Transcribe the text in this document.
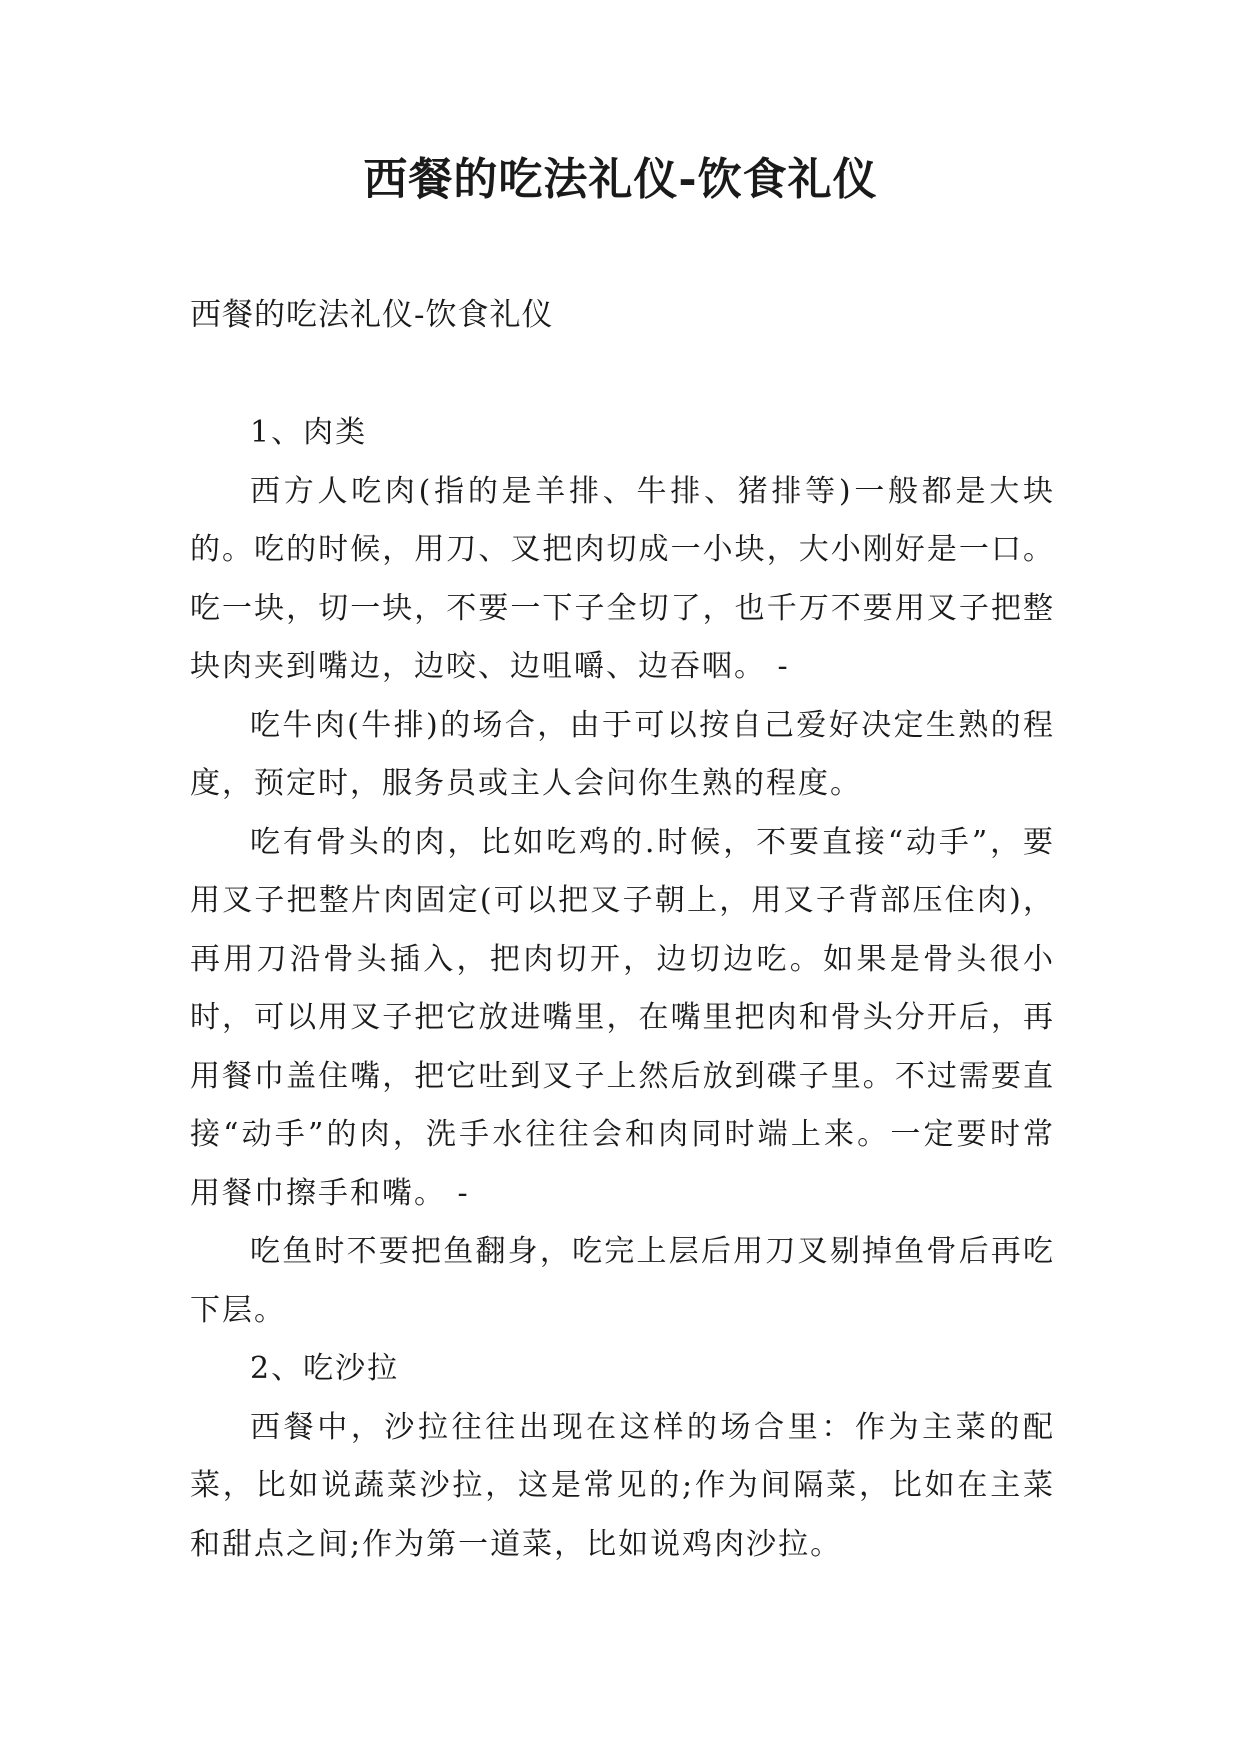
西餐的吃法礼仪-饮食礼仪
西餐的吃法礼仪-饮食礼仪

1、肉类

西方人吃肉(指的是羊排、牛排、猪排等)一般都是大块的。吃的时候，用刀、叉把肉切成一小块，大小刚好是一口。吃一块，切一块，不要一下子全切了，也千万不要用叉子把整块肉夹到嘴边，边咬、边咀嚼、边吞咽。 -

吃牛肉(牛排)的场合，由于可以按自己爱好决定生熟的程度，预定时，服务员或主人会问你生熟的程度。

吃有骨头的肉，比如吃鸡的.时候，不要直接“动手”，要用叉子把整片肉固定(可以把叉子朝上，用叉子背部压住肉)，再用刀沿骨头插入，把肉切开，边切边吃。如果是骨头很小时，可以用叉子把它放进嘴里，在嘴里把肉和骨头分开后，再用餐巾盖住嘴，把它吐到叉子上然后放到碟子里。不过需要直接“动手”的肉，洗手水往往会和肉同时端上来。一定要时常用餐巾擦手和嘴。 -

吃鱼时不要把鱼翻身，吃完上层后用刀叉剔掉鱼骨后再吃下层。

2、吃沙拉

西餐中，沙拉往往出现在这样的场合里：作为主菜的配菜，比如说蔬菜沙拉，这是常见的;作为间隔菜，比如在主菜和甜点之间;作为第一道菜，比如说鸡肉沙拉。
